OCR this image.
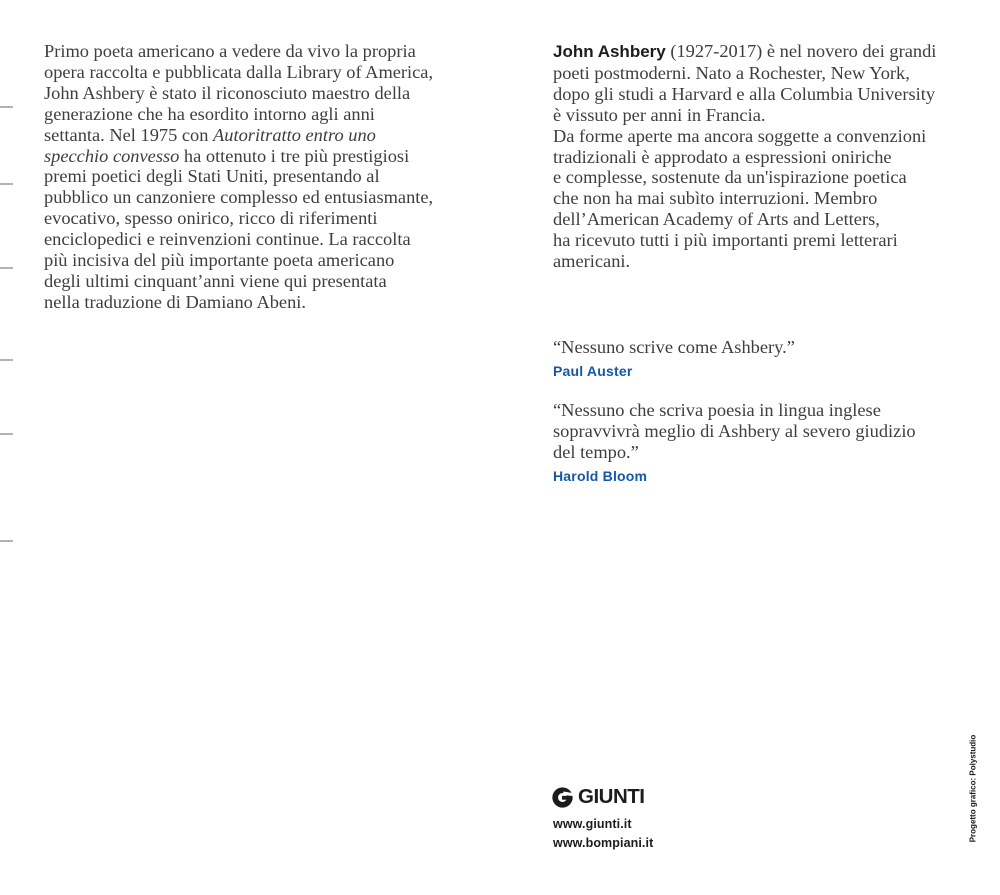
Primo poeta americano a vedere da vivo la propria
opera raccolta e pubblicata dalla Library of America,
John Ashbery è stato il riconosciuto maestro della
generazione che ha esordito intorno agli anni
settanta. Nel 1975 con Autoritratto entro uno
specchio convesso ha ottenuto i tre più prestigiosi
premi poetici degli Stati Uniti, presentando al
pubblico un canzoniere complesso ed entusiasmante,
evocativo, spesso onirico, ricco di riferimenti
enciclopedici e reinvenzioni continue. La raccolta
più incisiva del più importante poeta americano
degli ultimi cinquant’anni viene qui presentata
nella traduzione di Damiano Abeni.
John Ashbery (1927-2017) è nel novero dei grandi
poeti postmoderni. Nato a Rochester, New York,
dopo gli studi a Harvard e alla Columbia University
è vissuto per anni in Francia.
Da forme aperte ma ancora soggette a convenzioni
tradizionali è approdato a espressioni oniriche
e complesse, sostenute da un'ispirazione poetica
che non ha mai subìto interruzioni. Membro
dell’American Academy of Arts and Letters,
ha ricevuto tutti i più importanti premi letterari
americani.
“Nessuno scrive come Ashbery.”
Paul Auster
“Nessuno che scriva poesia in lingua inglese
sopravvivrà meglio di Ashbery al severo giudizio
del tempo.”
Harold Bloom
GIUNTI
www.giunti.it
www.bompiani.it
Progetto grafico: Polystudio
